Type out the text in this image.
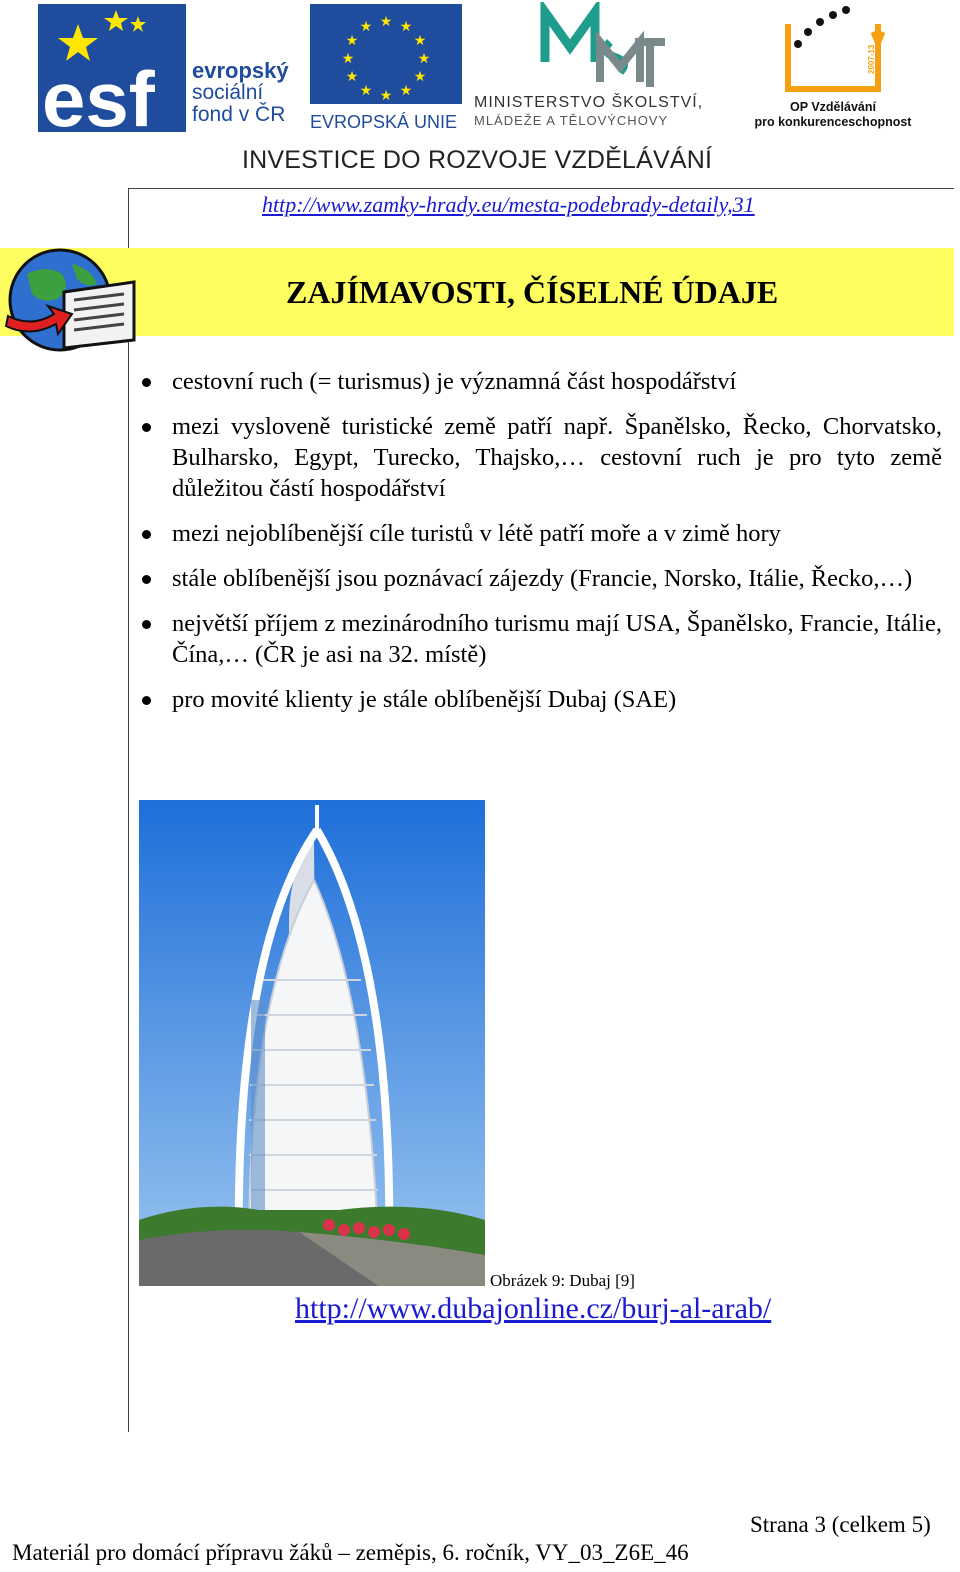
esf evropský
sociální
fond v ČR
★ ★
★
★
★
★
★
★
★
★
★
★
EVROPSKÁ UNIE
MINISTERSTVO ŠKOLSTVÍ,
MLÁDEŽE A TĚLOVÝCHOVY
2007-13
OP Vzdělávání
pro konkurenceschopnost
INVESTICE DO ROZVOJE VZDĚLÁVÁNÍ
http://www.zamky-hrady.eu/mesta-podebrady-detaily,31
ZAJÍMAVOSTI, ČÍSELNÉ ÚDAJE
cestovní ruch (= turismus) je významná část hospodářství
mezi vysloveně turistické země patří např. Španělsko, Řecko, Chorvatsko, Bulharsko, Egypt, Turecko, Thajsko,… cestovní ruch je pro tyto země důležitou částí hospodářství
mezi nejoblíbenější cíle turistů v létě patří moře a v zimě hory
stále oblíbenější jsou poznávací zájezdy (Francie, Norsko, Itálie, Řecko,…)
největší příjem z mezinárodního turismu mají USA, Španělsko, Francie, Itálie, Čína,… (ČR je asi na 32. místě)
pro movité klienty je stále oblíbenější Dubaj (SAE)
Obrázek 9: Dubaj [9]
http://www.dubajonline.cz/burj-al-arab/
Strana 3 (celkem 5)
Materiál pro domácí přípravu žáků – zeměpis, 6. ročník, VY_03_Z6E_46
